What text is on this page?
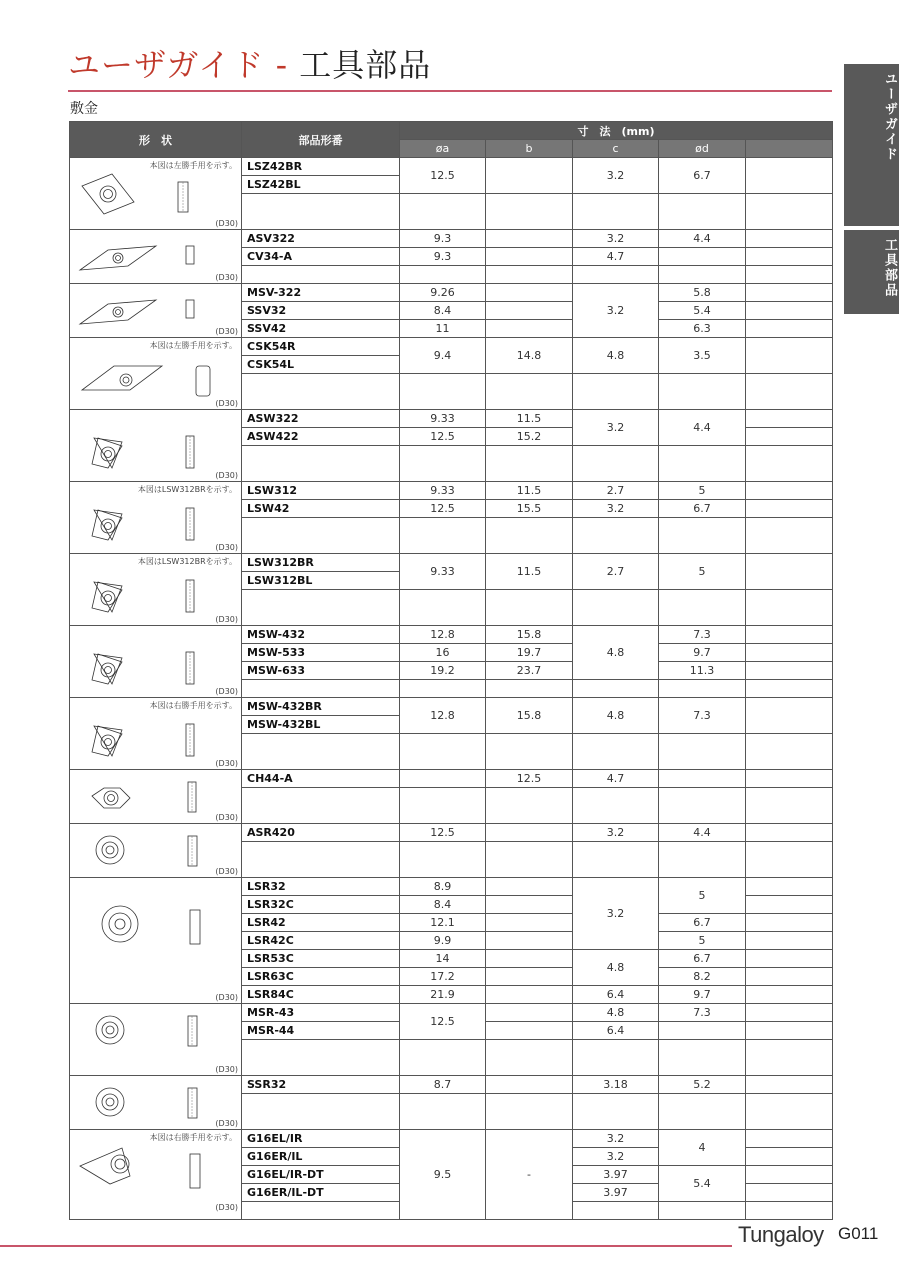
ユーザガイド - 工具部品
敷金	ユーザガイド
工具部品
形　状	部品形番	寸　法　(mm)				
		øa	b	c	ød	

本図は左勝手用を示す。
(D30)	LSZ42BR	12.5		3.2	6.7	
	LSZ42BL					

(D30)	ASV322	9.3		3.2	4.4	
	CV34-A	9.3		4.7		

(D30)	MSV-322	9.26		3.2	5.8	
	SSV32	8.4			5.4	
	SSV42	11			6.3	

本図は左勝手用を示す。
(D30)	CSK54R	9.4	14.8	4.8	3.5	
	CSK54L					

(D30)	ASW322	9.33	11.5	3.2	4.4	
	ASW422	12.5	15.2			

本図はLSW312BRを示す。
(D30)	LSW312	9.33	11.5	2.7	5	
	LSW42	12.5	15.5	3.2	6.7	

本図はLSW312BRを示す。
(D30)	LSW312BR	9.33	11.5	2.7	5	
	LSW312BL					

(D30)	MSW-432	12.8	15.8	4.8	7.3	
	MSW-533	16	19.7		9.7	
	MSW-633	19.2	23.7		11.3	

本図は右勝手用を示す。
(D30)	MSW-432BR	12.8	15.8	4.8	7.3	
	MSW-432BL					

(D30)	CH44-A		12.5	4.7		

(D30)	ASR420	12.5		3.2	4.4	

(D30)	LSR32	8.9		3.2	5	
	LSR32C	8.4				
	LSR42	12.1			6.7	
	LSR42C	9.9			5	
	LSR53C	14		4.8	6.7	
	LSR63C	17.2			8.2	
	LSR84C	21.9		6.4	9.7	

(D30)	MSR-43	12.5		4.8	7.3	
	MSR-44			6.4		

(D30)	SSR32	8.7		3.18	5.2	

本図は右勝手用を示す。
(D30)	G16EL/IR	9.5	-	3.2	4	
	G16ER/IL			3.2		
	G16EL/IR-DT			3.97	5.4	
	G16ER/IL-DT			3.97		

Tungaloy G011
